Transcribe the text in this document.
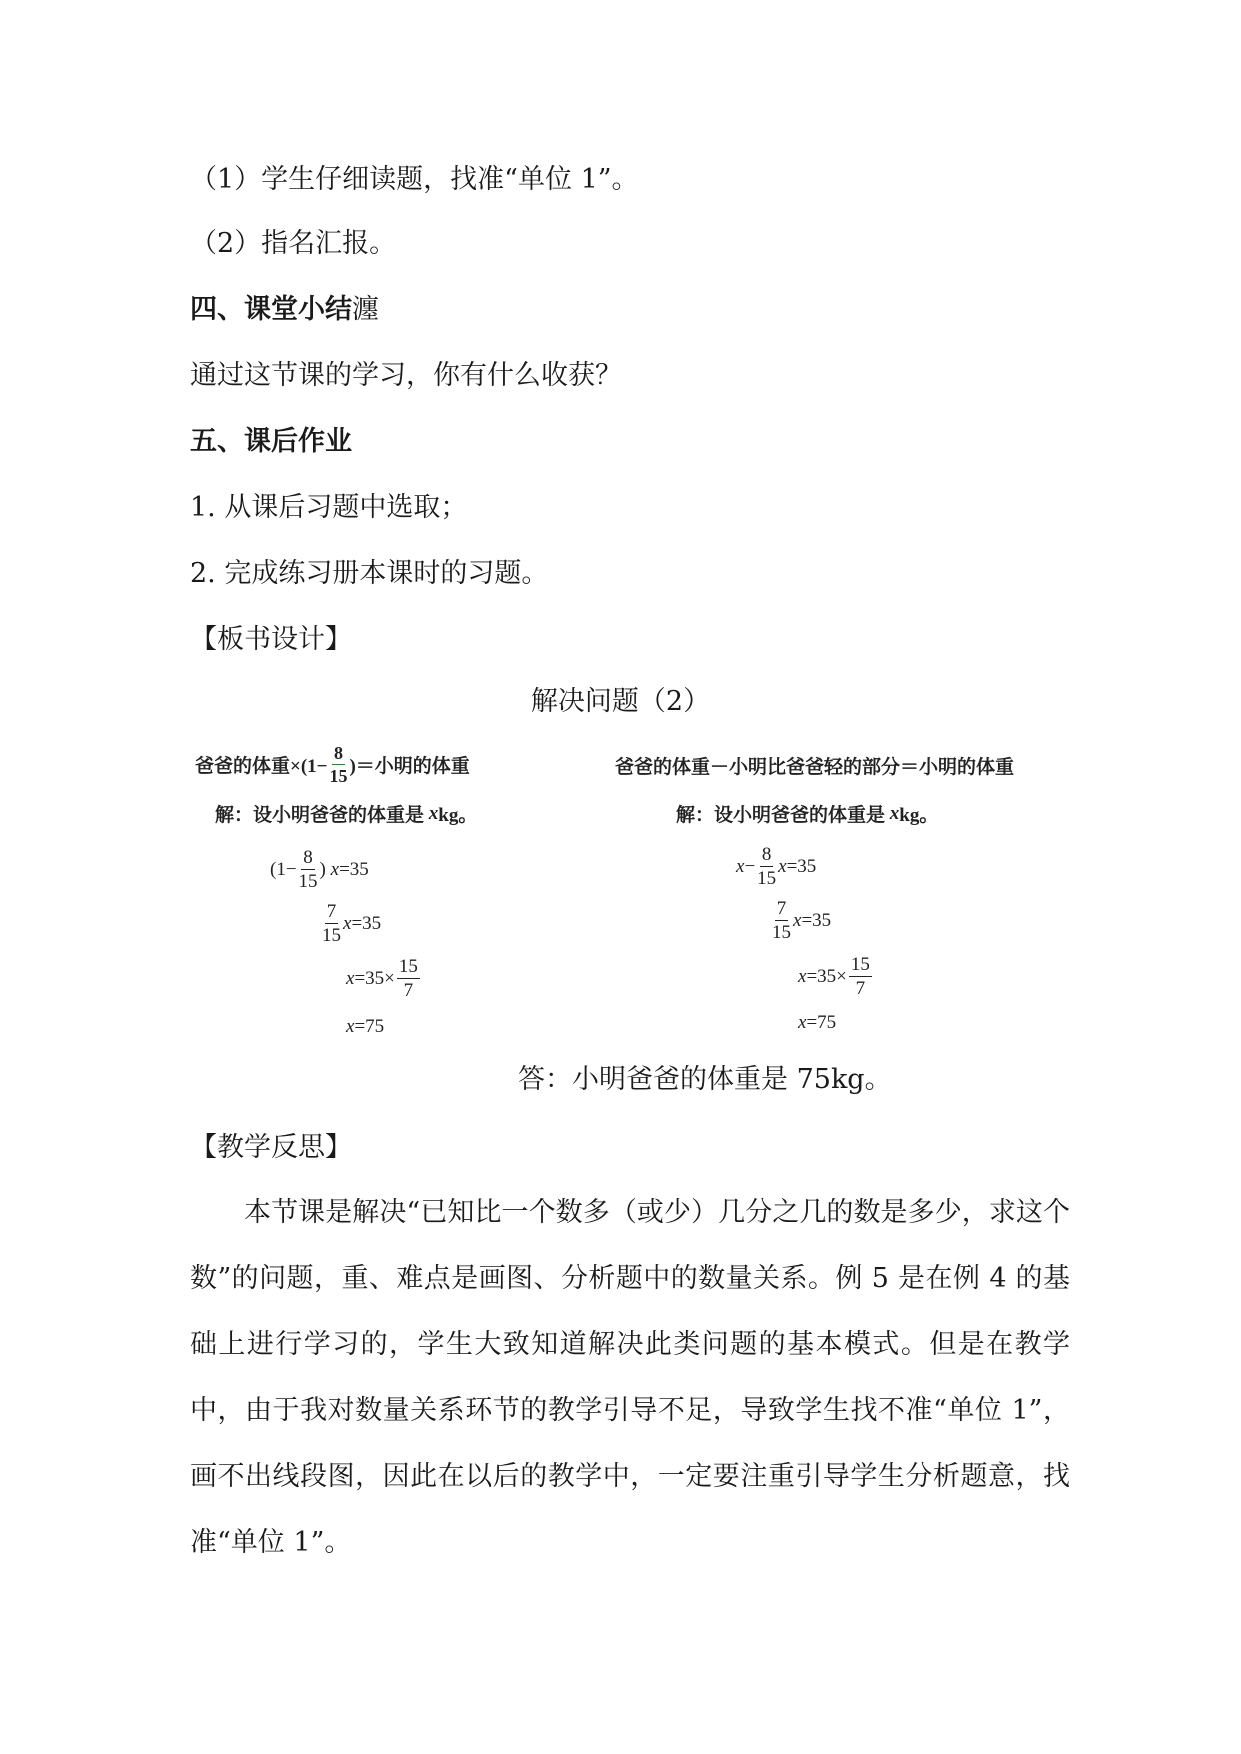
（1）学生仔细读题，找准“单位 1”。
（2）指名汇报。
四、课堂小结瀍
通过这节课的学习，你有什么收获？
五、课后作业
1. 从课后习题中选取；
2. 完成练习册本课时的习题。
【板书设计】
解决问题（2）
爸爸的体重$\times(1- \frac{8}{15}$ )＝小明的体重
解：设小明爸爸的体重是
x kg。
($1- \frac{8}{15}$ )
x =35
$\frac{7}{15}$ x =35
$x =35\times \frac{15}{7}$
x =75
爸爸的体重－小明比爸爸轻的部分＝小明的体重
解：设小明爸爸的体重是
x kg。
$x - \frac{8}{15}$ x =35
$\frac{7}{15}$ x =35
$x =35\times \frac{15}{7}$
x =75
答：小明爸爸的体重是 75kg。
【教学反思】
本节课是解决“已知比一个数多（或少）几分之几的数是多少，求这个数”的问题，重、难点是画图、分析题中的数量关系。例 5 是在例 4 的基础上进行学习的，学生大致知道解决此类问题的基本模式。但是在教学中，由于我对数量关系环节的教学引导不足，导致学生找不准“单位 1”，画不出线段图，因此在以后的教学中，一定要注重引导学生分析题意，找准“单位 1”。
